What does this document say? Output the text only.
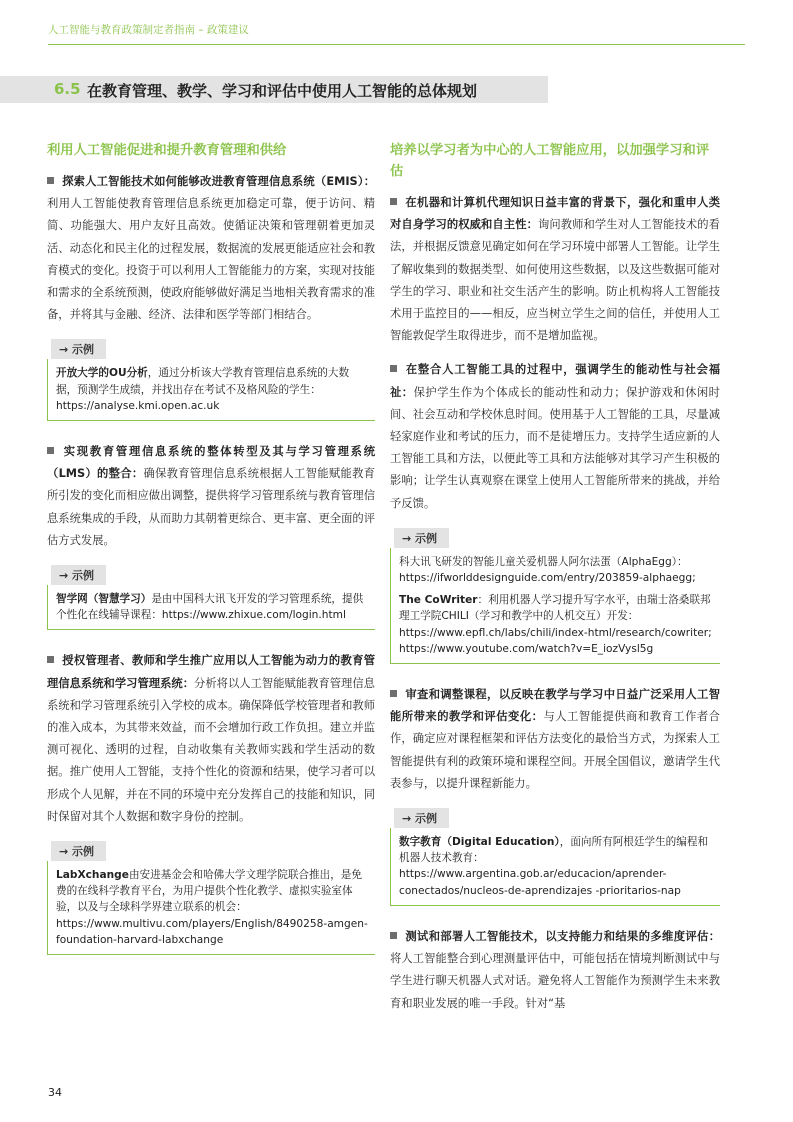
人工智能与教育政策制定者指南 – 政策建议
6.5 在教育管理、教学、学习和评估中使用人工智能的总体规划
利用人工智能促进和提升教育管理和供给

探索人工智能技术如何能够改进教育管理信息系统（EMIS）：利用人工智能使教育管理信息系统更加稳定可靠，便于访问、精简、功能强大、用户友好且高效。使循证决策和管理朝着更加灵活、动态化和民主化的过程发展，数据流的发展更能适应社会和教育模式的变化。投资于可以利用人工智能能力的方案，实现对技能和需求的全系统预测，使政府能够做好满足当地相关教育需求的准备，并将其与金融、经济、法律和医学等部门相结合。

→ 示例

开放大学的OU分析，通过分析该大学教育管理信息系统的大数据，预测学生成绩，并找出存在考试不及格风险的学生： https://analyse.kmi.open.ac.uk

实现教育管理信息系统的整体转型及其与学习管理系统（LMS）的整合：确保教育管理信息系统根据人工智能赋能教育所引发的变化而相应做出调整，提供将学习管理系统与教育管理信息系统集成的手段，从而助力其朝着更综合、更丰富、更全面的评估方式发展。

→ 示例

智学网（智慧学习）是由中国科大讯飞开发的学习管理系统，提供个性化在线辅导课程：https://www.zhixue.com/login.html

授权管理者、教师和学生推广应用以人工智能为动力的教育管理信息系统和学习管理系统：分析将以人工智能赋能教育管理信息系统和学习管理系统引入学校的成本。确保降低学校管理者和教师的准入成本，为其带来效益，而不会增加行政工作负担。建立并监测可视化、透明的过程，自动收集有关教师实践和学生活动的数据。推广使用人工智能，支持个性化的资源和结果，使学习者可以形成个人见解，并在不同的环境中充分发挥自己的技能和知识，同时保留对其个人数据和数字身份的控制。

→ 示例

LabXchange由安进基金会和哈佛大学文理学院联合推出，是免费的在线科学教育平台，为用户提供个性化教学、虚拟实验室体验，以及与全球科学界建立联系的机会：https://www.multivu.com/players/English/8490258-amgen-foundation-harvard-labxchange

培养以学习者为中心的人工智能应用，以加强学习和评估

在机器和计算机代理知识日益丰富的背景下，强化和重申人类对自身学习的权威和自主性：询问教师和学生对人工智能技术的看法，并根据反馈意见确定如何在学习环境中部署人工智能。让学生了解收集到的数据类型、如何使用这些数据，以及这些数据可能对学生的学习、职业和社交生活产生的影响。防止机构将人工智能技术用于监控目的——相反，应当树立学生之间的信任，并使用人工智能敦促学生取得进步，而不是增加监视。

在整合人工智能工具的过程中，强调学生的能动性与社会福祉：保护学生作为个体成长的能动性和动力；保护游戏和休闲时间、社会互动和学校休息时间。使用基于人工智能的工具，尽量减轻家庭作业和考试的压力，而不是徒增压力。支持学生适应新的人工智能工具和方法，以便此等工具和方法能够对其学习产生积极的影响；让学生认真观察在课堂上使用人工智能所带来的挑战，并给予反馈。

→ 示例

科大讯飞研发的智能儿童关爱机器人阿尔法蛋（AlphaEgg）：https://ifworlddesignguide.com/entry/203859-alphaegg;

The CoWriter：利用机器人学习提升写字水平，由瑞士洛桑联邦理工学院CHILI（学习和教学中的人机交互）开发：https://www.epfl.ch/labs/chili/index-html/research/cowriter; https://www.youtube.com/watch?v=E_iozVysl5g

审查和调整课程，以反映在教学与学习中日益广泛采用人工智能所带来的教学和评估变化：与人工智能提供商和教育工作者合作，确定应对课程框架和评估方法变化的最恰当方式，为探索人工智能提供有利的政策环境和课程空间。开展全国倡议，邀请学生代表参与，以提升课程新能力。

→ 示例

数字教育（Digital Education），面向所有阿根廷学生的编程和机器人技术教育：https://www.argentina.gob.ar/educacion/aprender-conectados/nucleos-de-aprendizajes -prioritarios-nap

测试和部署人工智能技术，以支持能力和结果的多维度评估：将人工智能整合到心理测量评估中，可能包括在情境判断测试中与学生进行聊天机器人式对话。避免将人工智能作为预测学生未来教育和职业发展的唯一手段。针对“基

34
